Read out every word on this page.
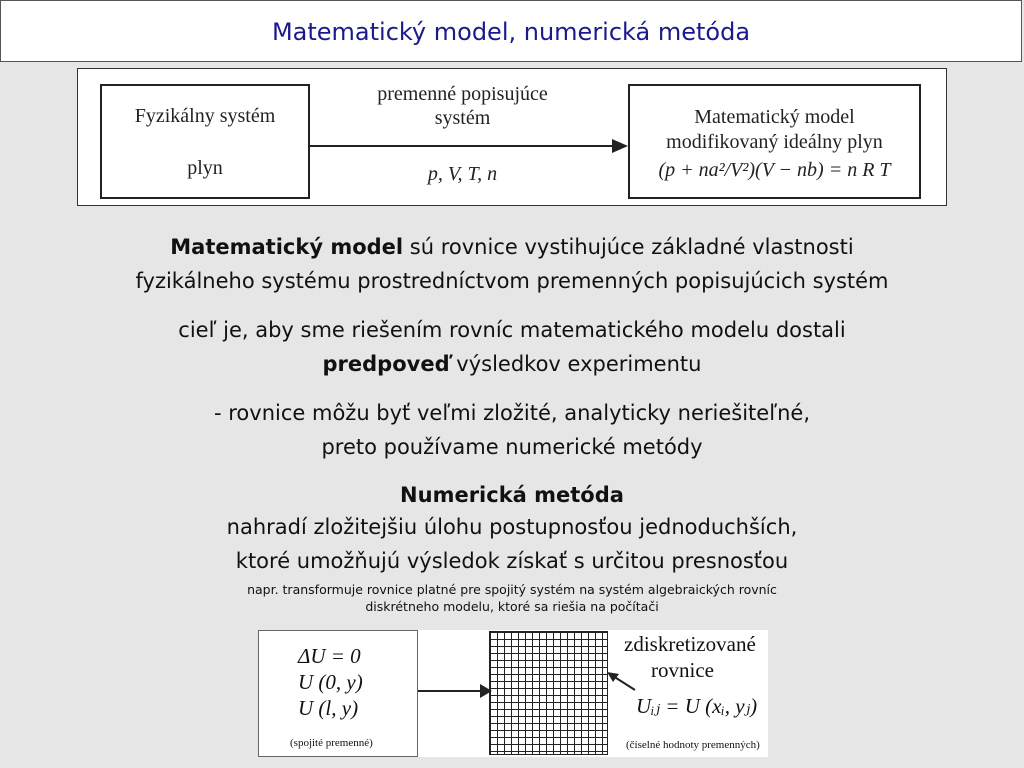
Matematický model, numerická metóda
Fyzikálny systém
plyn
premenné popisujúce
systém
p, V, T, n
Matematický model
modifikovaný ideálny plyn
(p + na²/V²)(V − nb) = n R T
Matematický model sú rovnice vystihujúce základné vlastnosti
fyzikálneho systému prostredníctvom premenných popisujúcich systém
cieľ je, aby sme riešením rovníc matematického modelu dostali
predpoveď výsledkov experimentu
- rovnice môžu byť veľmi zložité, analyticky neriešiteľné,
preto používame numerické metódy
Numerická metóda
nahradí zložitejšiu úlohu postupnosťou jednoduchších,
ktoré umožňujú výsledok získať s určitou presnosťou
napr. transformuje rovnice platné pre spojitý systém na systém algebraických rovníc
diskrétneho modelu, ktoré sa riešia na počítači
ΔU = 0
U (0, y)
U (l, y)
(spojité premenné)
zdiskretizované
rovnice
Uᵢⱼ = U (xᵢ, yⱼ)
(číselné hodnoty premenných)
